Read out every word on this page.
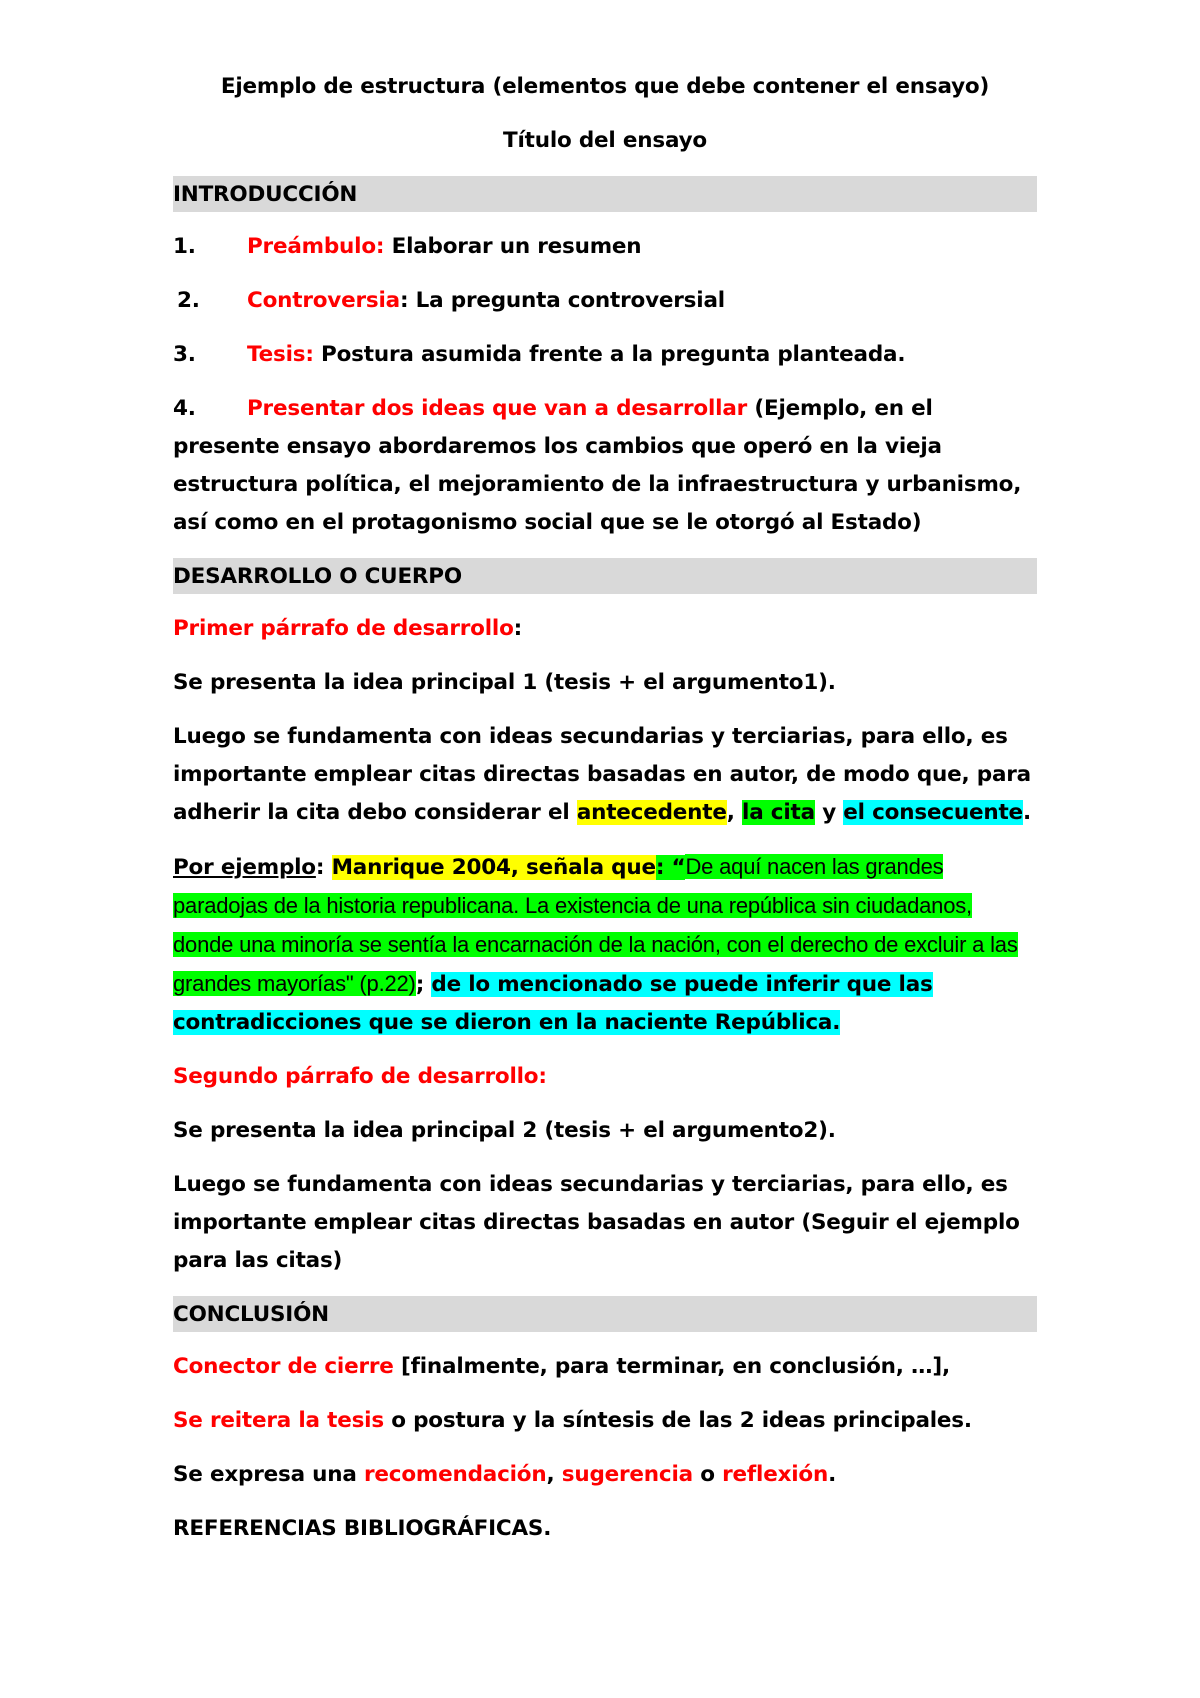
Ejemplo de estructura (elementos que debe contener el ensayo)

Título del ensayo

INTRODUCCIÓN

1. Preámbulo: Elaborar un resumen

2. Controversia: La pregunta controversial

3. Tesis: Postura asumida frente a la pregunta planteada.

4. Presentar dos ideas que van a desarrollar (Ejemplo, en el presente ensayo abordaremos los cambios que operó en la vieja estructura política, el mejoramiento de la infraestructura y urbanismo, así como en el protagonismo social que se le otorgó al Estado)

DESARROLLO O CUERPO

Primer párrafo de desarrollo:

Se presenta la idea principal 1 (tesis + el argumento1).

Luego se fundamenta con ideas secundarias y terciarias, para ello, es importante emplear citas directas basadas en autor, de modo que, para adherir la cita debo considerar el antecedente, la cita y el consecuente.

Por ejemplo: Manrique 2004, señala que: “De aquí nacen las grandes paradojas de la historia republicana. La existencia de una república sin ciudadanos, donde una minoría se sentía la encarnación de la nación, con el derecho de excluir a las grandes mayorías" (p.22); de lo mencionado se puede inferir que las contradicciones que se dieron en la naciente República.

Segundo párrafo de desarrollo:

Se presenta la idea principal 2 (tesis + el argumento2).

Luego se fundamenta con ideas secundarias y terciarias, para ello, es importante emplear citas directas basadas en autor (Seguir el ejemplo para las citas)

CONCLUSIÓN

Conector de cierre [finalmente, para terminar, en conclusión, …],

Se reitera la tesis o postura y la síntesis de las 2 ideas principales.

Se expresa una recomendación, sugerencia o reflexión.

REFERENCIAS BIBLIOGRÁFICAS.
